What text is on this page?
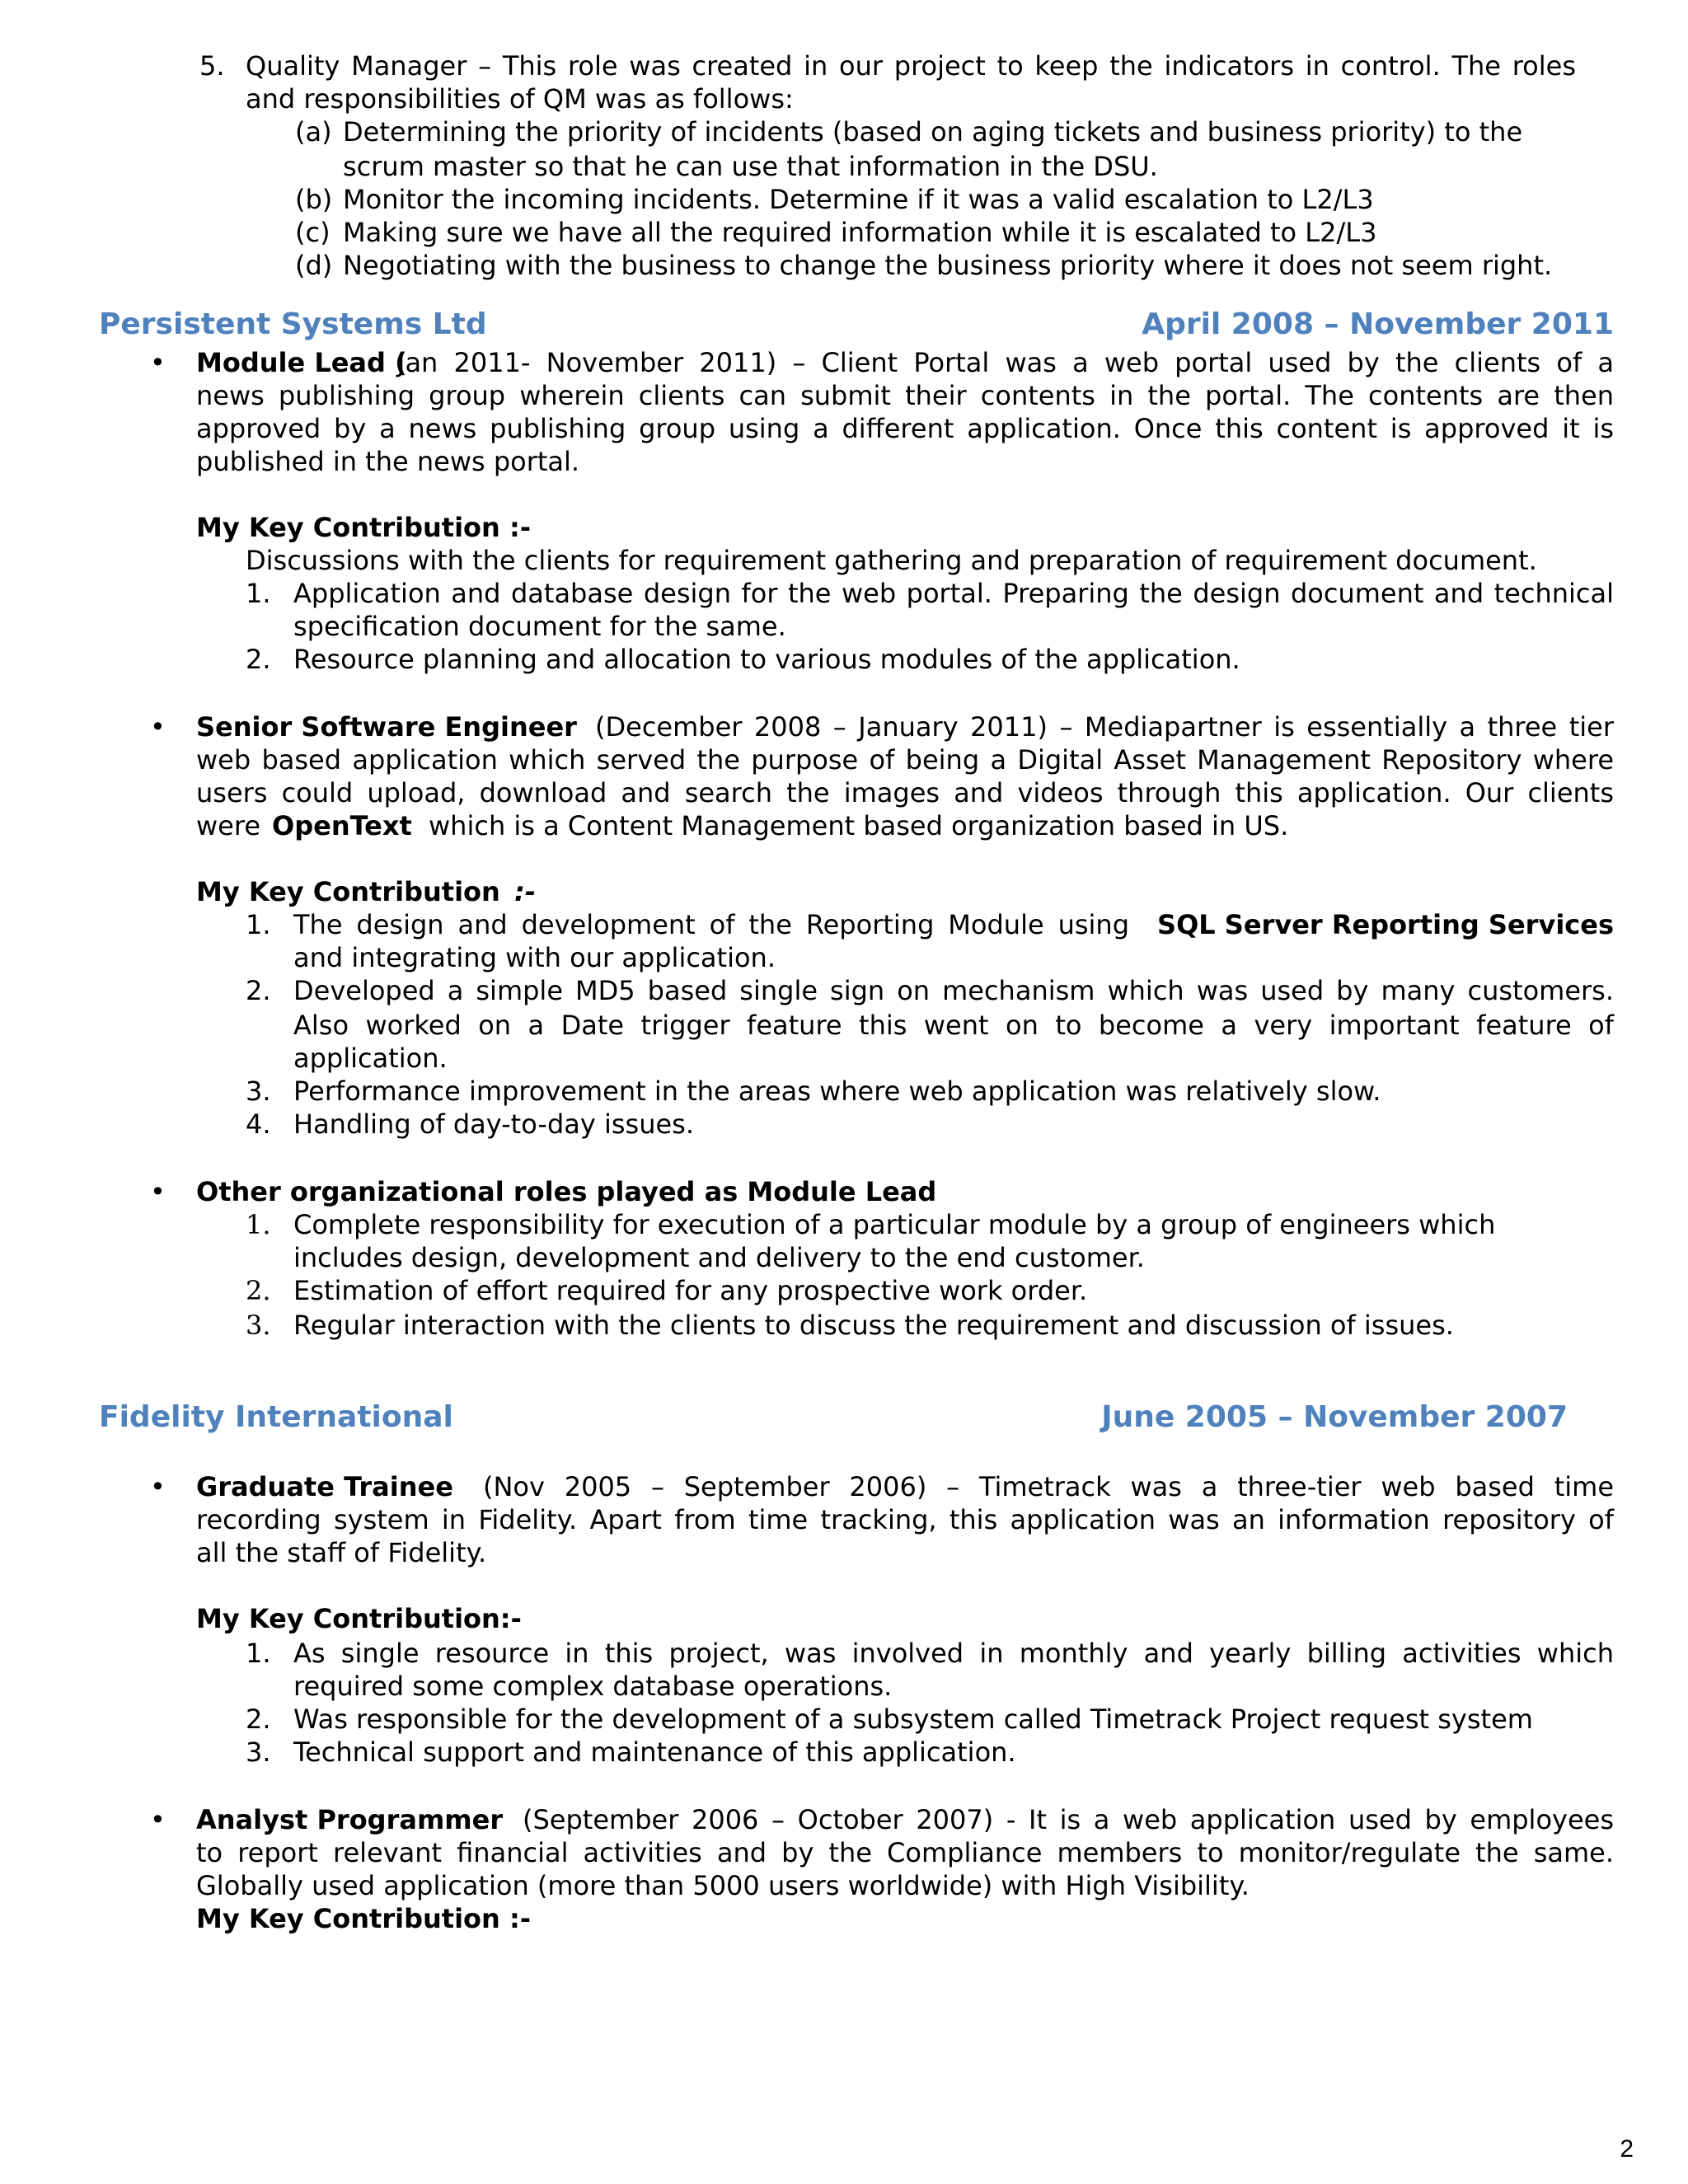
5. Quality Manager – This role was created in our project to keep the indicators in control. The roles
and responsibilities of QM was as follows:
(a) Determining the priority of incidents (based on aging tickets and business priority) to the
scrum master so that he can use that information in the DSU.
(b) Monitor the incoming incidents. Determine if it was a valid escalation to L2/L3
(c) Making sure we have all the required information while it is escalated to L2/L3
(d) Negotiating with the business to change the business priority where it does not seem right.
Persistent Systems Ltd	April 2008 – November 2011
• Module Lead (
Jan 2011- November 2011) – Client Portal was a web portal used by the clients of a
news publishing group wherein clients can submit their contents in the portal. The contents are then
approved by a news publishing group using a different application. Once this content is approved it is
published in the news portal.
My Key Contribution :-
Discussions with the clients for requirement gathering and preparation of requirement document.
1. Application and database design for the web portal. Preparing the design document and technical
specification document for the same.
2. Resource planning and allocation to various modules of the application.
• Senior Software Engineer (December 2008 – January 2011) – Mediapartner is essentially a three tier
web based application which served the purpose of being a Digital Asset Management Repository where
users could upload, download and search the images and videos through this application. Our clients
were OpenText which is a Content Management based organization based in US.
My Key Contribution :-
1. The design and development of the Reporting Module using SQL Server Reporting Services
and integrating with our application.
2. Developed a simple MD5 based single sign on mechanism which was used by many customers.
Also worked on a Date trigger feature this went on to become a very important feature of
application.
3. Performance improvement in the areas where web application was relatively slow.
4. Handling of day-to-day issues.
• Other organizational roles played as Module Lead
1. Complete responsibility for execution of a particular module by a group of engineers which
includes design, development and delivery to the end customer.
2. Estimation of effort required for any prospective work order.
3. Regular interaction with the clients to discuss the requirement and discussion of issues.
Fidelity International	June 2005 – November 2007
• Graduate Trainee (Nov 2005 – September 2006) – Timetrack was a three-tier web based time
recording system in Fidelity. Apart from time tracking, this application was an information repository of
all the staff of Fidelity.
My Key Contribution:-
1. As single resource in this project, was involved in monthly and yearly billing activities which
required some complex database operations.
2. Was responsible for the development of a subsystem called Timetrack Project request system
3. Technical support and maintenance of this application.
• Analyst Programmer (September 2006 – October 2007) - It is a web application used by employees
to report relevant financial activities and by the Compliance members to monitor/regulate the same.
Globally used application (more than 5000 users worldwide) with High Visibility.
My Key Contribution :-
2
